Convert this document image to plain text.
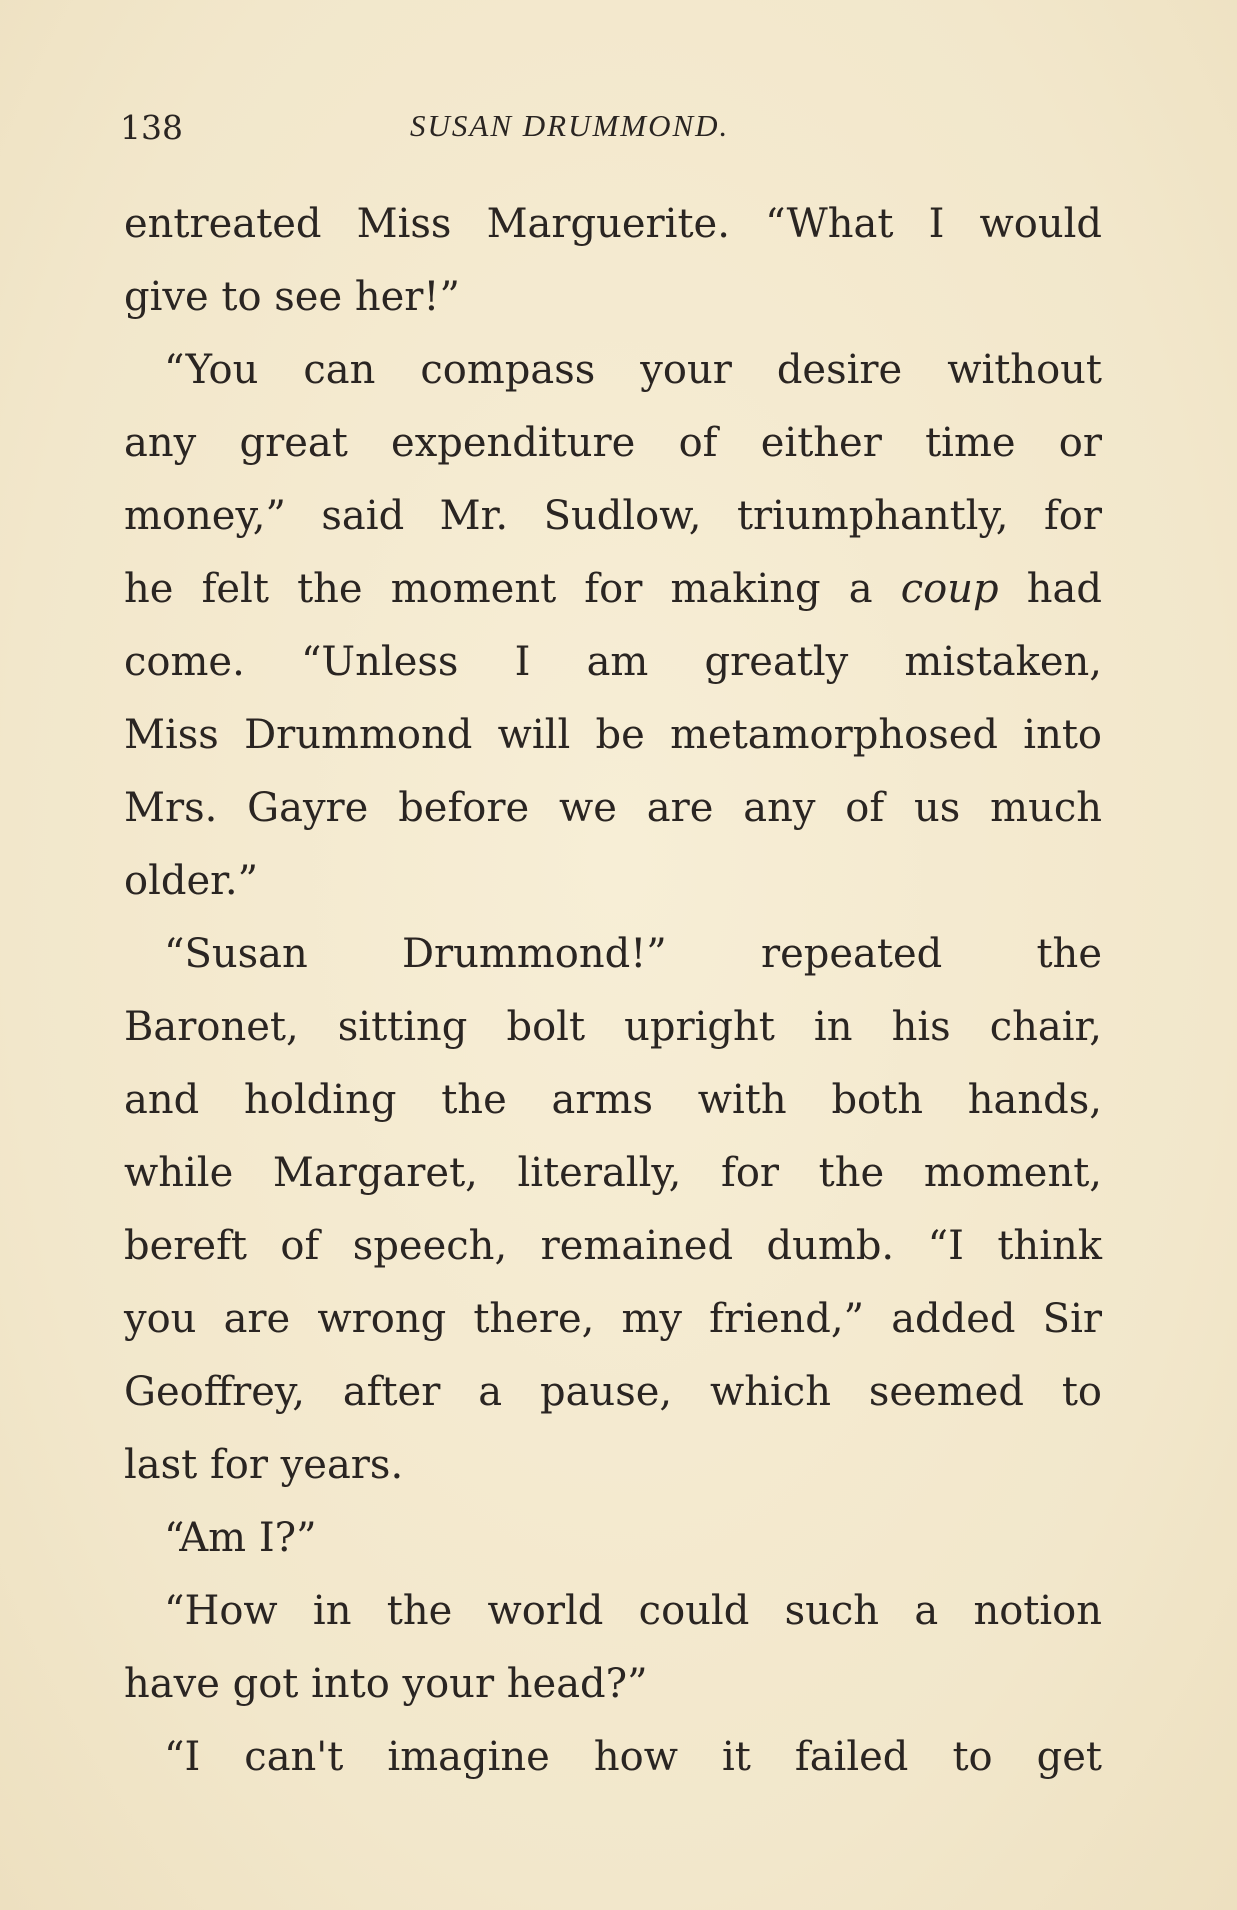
138	SUSAN DRUMMOND.
entreated Miss Marguerite. “What I would
give to see her!”
“You can compass your desire without
any great expenditure of either time or
money,” said Mr. Sudlow, triumphantly, for
he felt the moment for making a coup had
come. “Unless I am greatly mistaken,
Miss Drummond will be metamorphosed into
Mrs. Gayre before we are any of us much
older.”
“Susan Drummond!” repeated the
Baronet, sitting bolt upright in his chair,
and holding the arms with both hands,
while Margaret, literally, for the moment,
bereft of speech, remained dumb. “I think
you are wrong there, my friend,” added Sir
Geoffrey, after a pause, which seemed to
last for years.
“Am I?”
“How in the world could such a notion
have got into your head?”
“I can't imagine how it failed to get
